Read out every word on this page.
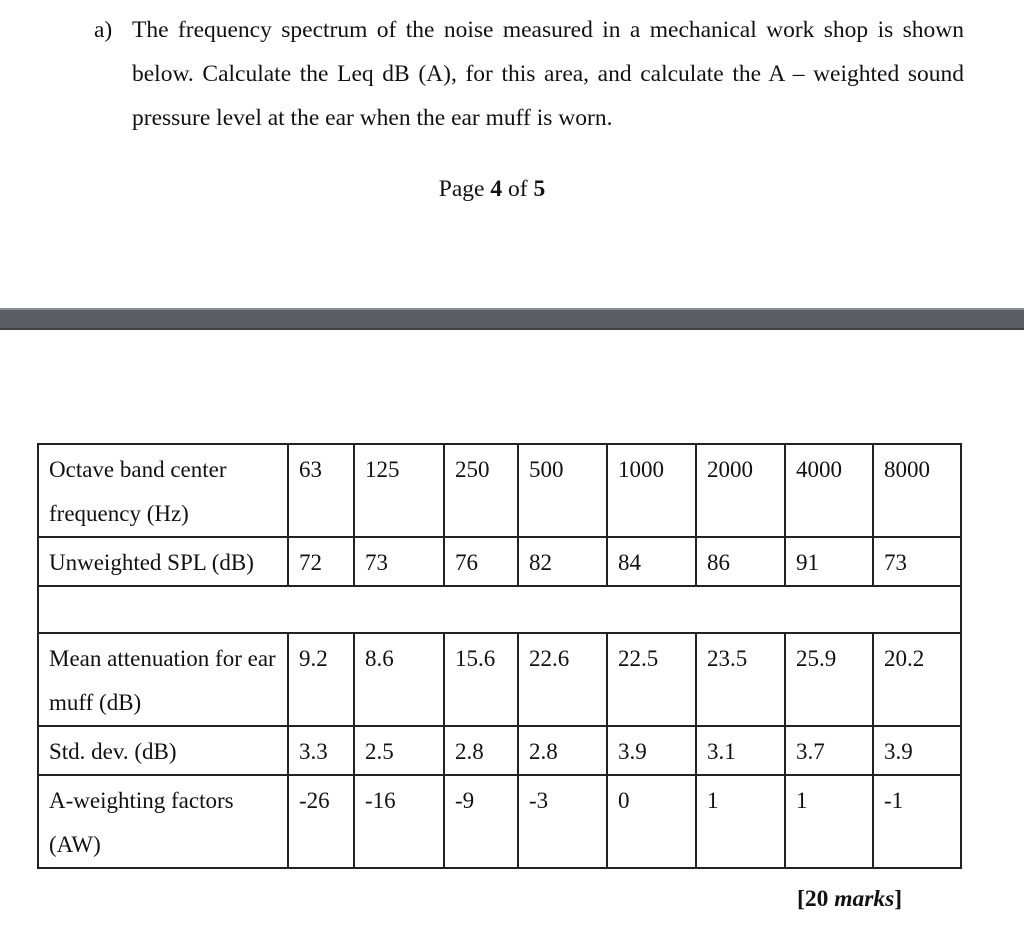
a) The frequency spectrum of the noise measured in a mechanical work shop is shown below. Calculate the Leq dB (A), for this area, and calculate the A – weighted sound pressure level at the ear when the ear muff is worn.
Page 4 of 5
Octave band center frequency (Hz)	63	125	250	500	1000	2000	4000	8000
Unweighted SPL (dB)	72	73	76	82	84	86	91	73

Mean attenuation for ear muff (dB)	9.2	8.6	15.6	22.6	22.5	23.5	25.9	20.2
Std. dev. (dB)	3.3	2.5	2.8	2.8	3.9	3.1	3.7	3.9
A-weighting factors (AW)	-26	-16	-9	-3	0	1	1	-1
[20 marks]
